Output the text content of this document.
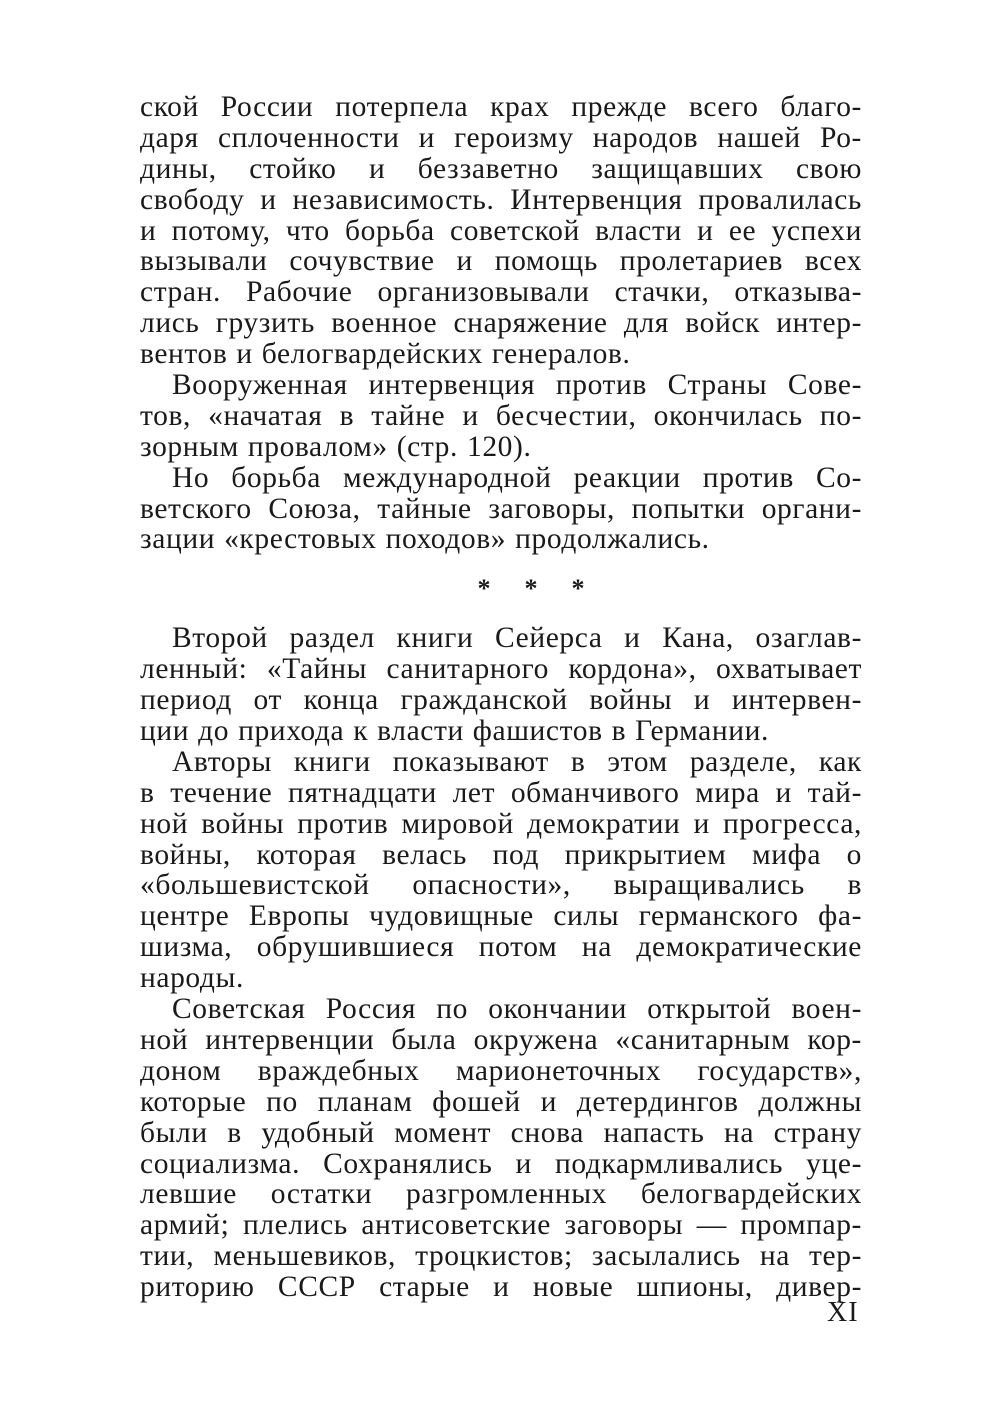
ской России потерпела крах прежде всего благо-
даря сплоченности и героизму народов нашей Ро-
дины, стойко и беззаветно защищавших свою
свободу и независимость. Интервенция провалилась
и потому, что борьба советской власти и ее успехи
вызывали сочувствие и помощь пролетариев всех
стран. Рабочие организовывали стачки, отказыва-
лись грузить военное снаряжение для войск интер-
вентов и белогвардейских генералов.
Вооруженная интервенция против Страны Сове-
тов, «начатая в тайне и бесчестии, окончилась по-
зорным провалом» (стр. 120).
Но борьба международной реакции против Со-
ветского Союза, тайные заговоры, попытки органи-
зации «крестовых походов» продолжались.
* * *
Второй раздел книги Сейерса и Кана, озаглав-
ленный: «Тайны санитарного кордона», охватывает
период от конца гражданской войны и интервен-
ции до прихода к власти фашистов в Германии.
Авторы книги показывают в этом разделе, как
в течение пятнадцати лет обманчивого мира и тай-
ной войны против мировой демократии и прогресса,
войны, которая велась под прикрытием мифа о
«большевистской опасности», выращивались в
центре Европы чудовищные силы германского фа-
шизма, обрушившиеся потом на демократические
народы.
Советская Россия по окончании открытой воен-
ной интервенции была окружена «санитарным кор-
доном враждебных марионеточных государств»,
которые по планам фошей и детердингов должны
были в удобный момент снова напасть на страну
социализма. Сохранялись и подкармливались уце-
левшие остатки разгромленных белогвардейских
армий; плелись антисоветские заговоры — промпар-
тии, меньшевиков, троцкистов; засылались на тер-
риторию СССР старые и новые шпионы, дивер-
XI
